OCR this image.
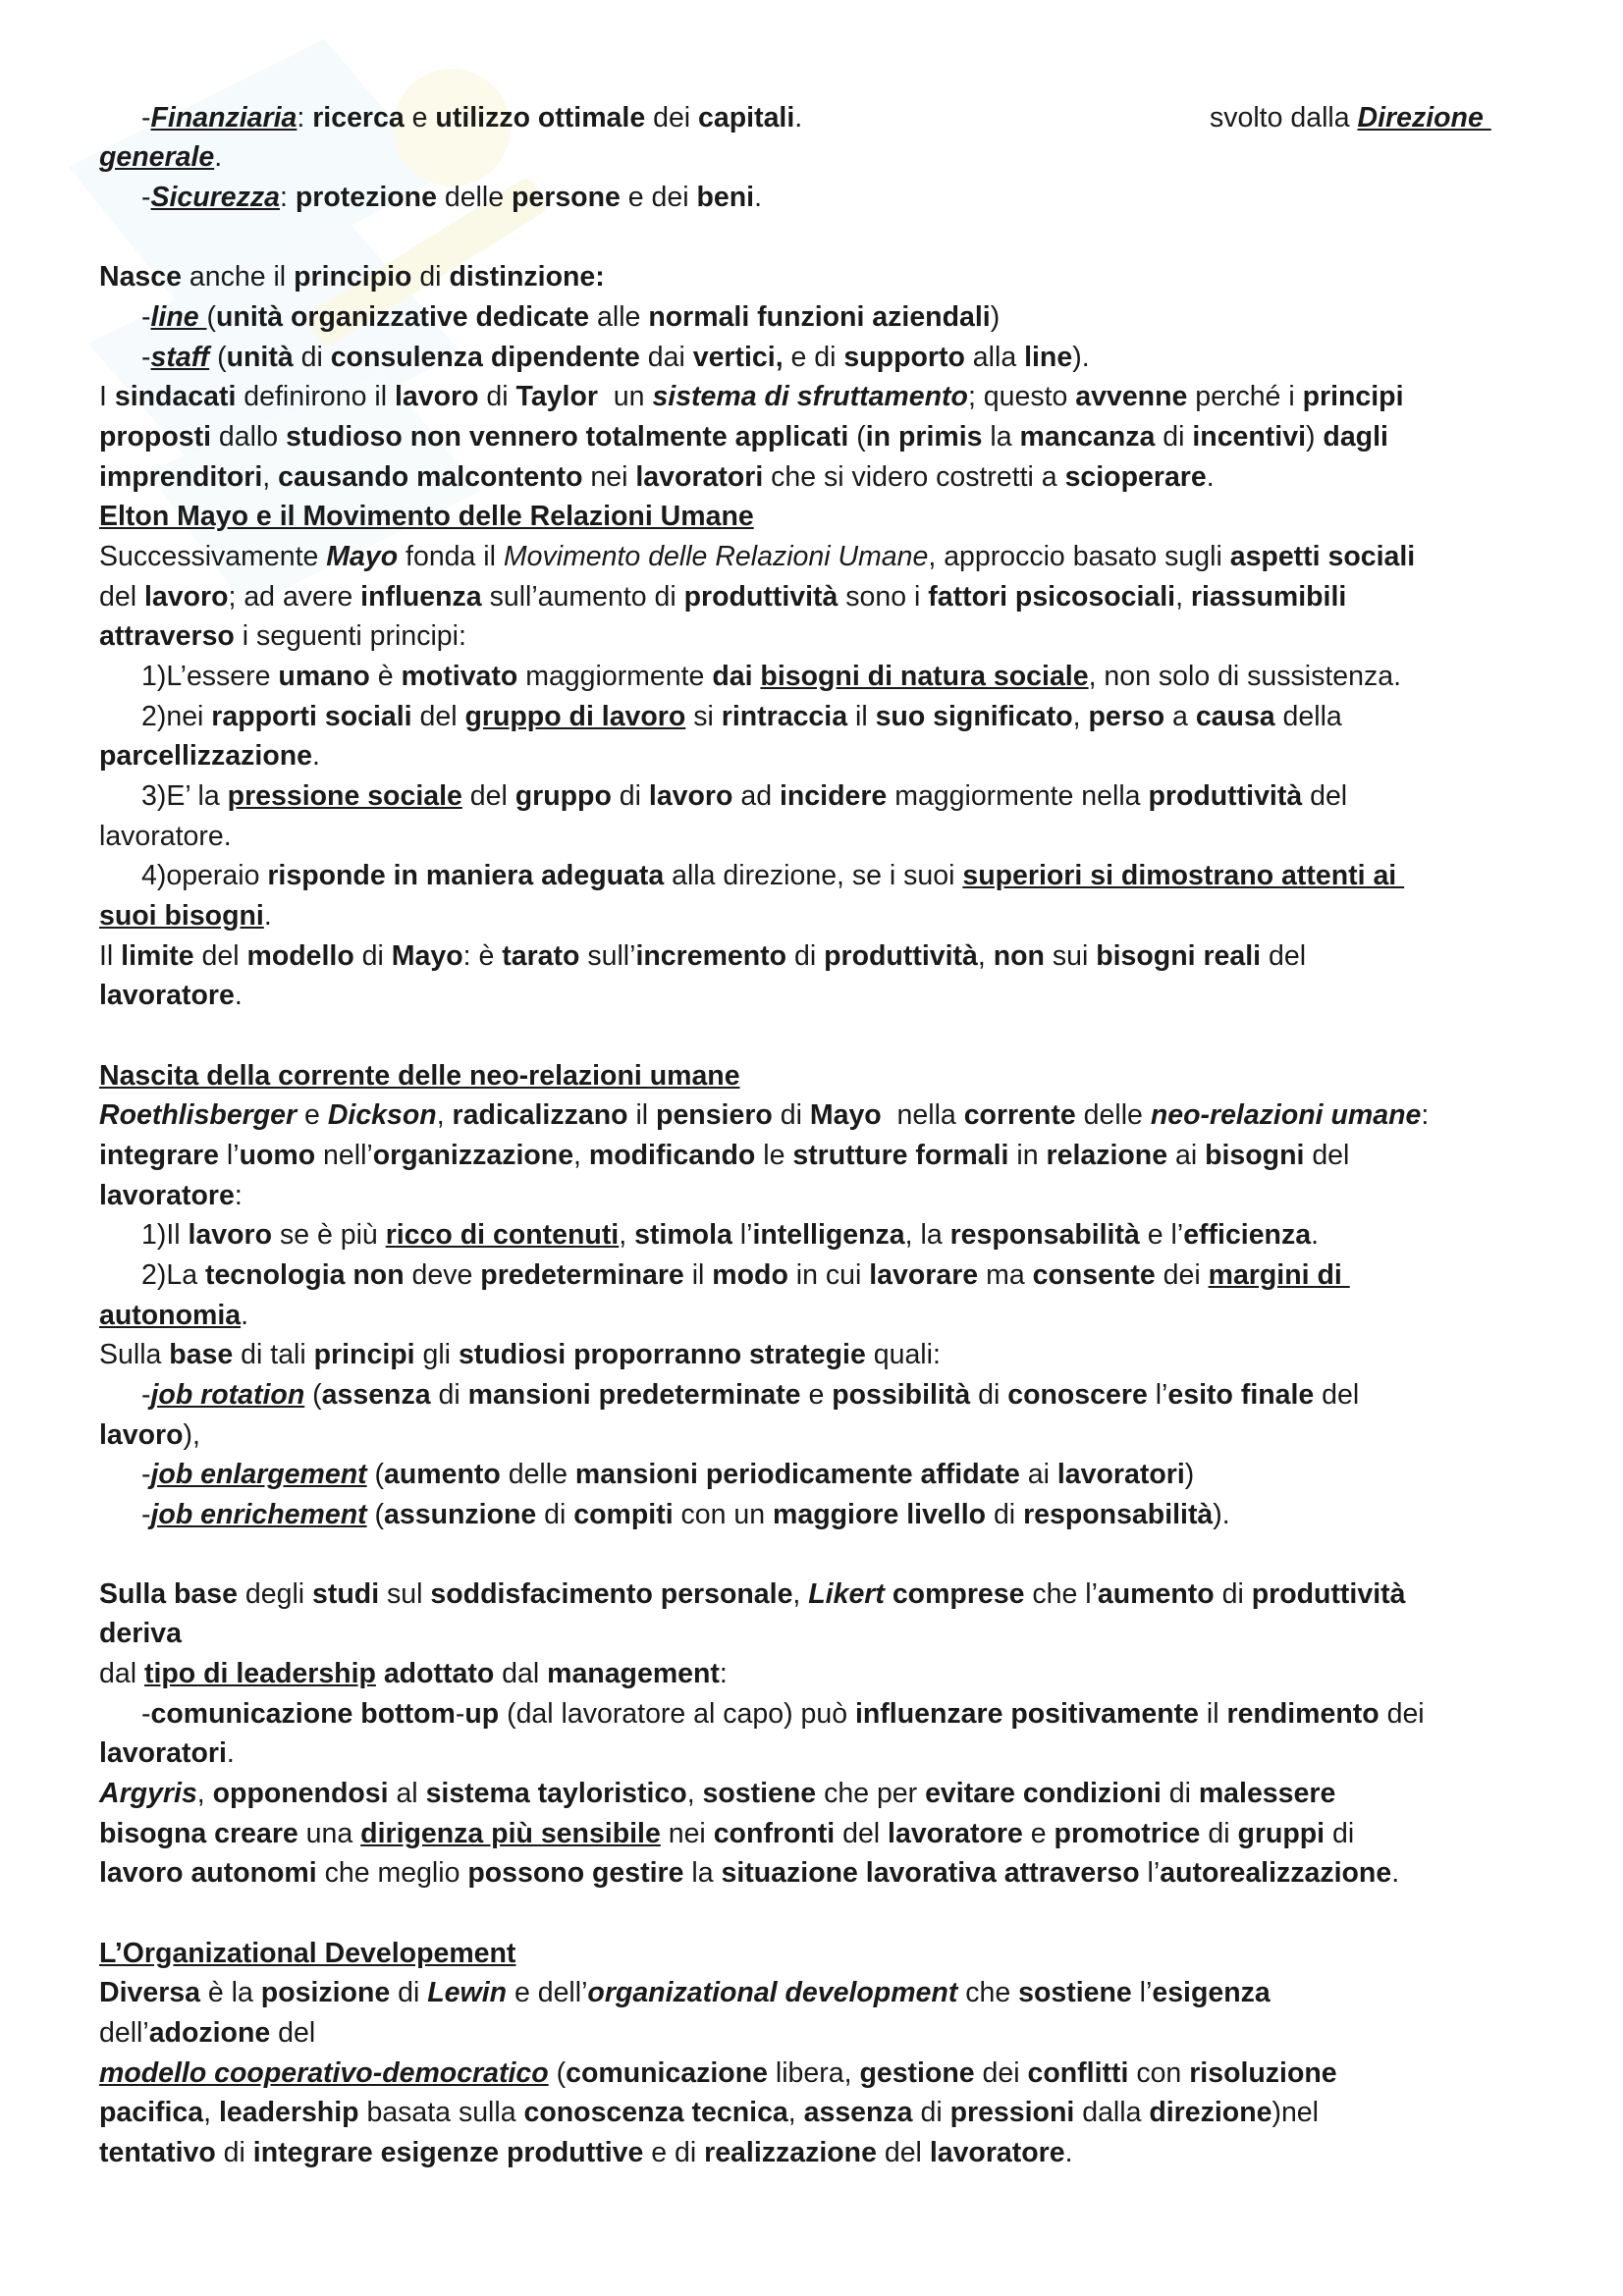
-Finanziaria: ricerca e utilizzo ottimale dei capitali.	svolto dalla Direzione
generale.
-Sicurezza: protezione delle persone e dei beni.
Nasce anche il principio di distinzione:
-line (unità organizzative dedicate alle normali funzioni aziendali)
-staff (unità di consulenza dipendente dai vertici, e di supporto alla line).
I sindacati definirono il lavoro di Taylor  un sistema di sfruttamento; questo avvenne perché i principi
proposti dallo studioso non vennero totalmente applicati (in primis la mancanza di incentivi) dagli
imprenditori, causando malcontento nei lavoratori che si videro costretti a scioperare.
Elton Mayo e il Movimento delle Relazioni Umane
Successivamente Mayo fonda il Movimento delle Relazioni Umane, approccio basato sugli aspetti sociali
del lavoro; ad avere influenza sull’aumento di produttività sono i fattori psicosociali, riassumibili
attraverso i seguenti principi:
1)L’essere umano è motivato maggiormente dai bisogni di natura sociale, non solo di sussistenza.
2)nei rapporti sociali del gruppo di lavoro si rintraccia il suo significato, perso a causa della
parcellizzazione.
3)E’ la pressione sociale del gruppo di lavoro ad incidere maggiormente nella produttività del
lavoratore.
4)operaio risponde in maniera adeguata alla direzione, se i suoi superiori si dimostrano attenti ai
suoi bisogni.
Il limite del modello di Mayo: è tarato sull’incremento di produttività, non sui bisogni reali del
lavoratore.
Nascita della corrente delle neo-relazioni umane
Roethlisberger e Dickson, radicalizzano il pensiero di Mayo  nella corrente delle neo-relazioni umane:
integrare l’uomo nell’organizzazione, modificando le strutture formali in relazione ai bisogni del
lavoratore:
1)Il lavoro se è più ricco di contenuti, stimola l’intelligenza, la responsabilità e l’efficienza.
2)La tecnologia non deve predeterminare il modo in cui lavorare ma consente dei margini di
autonomia.
Sulla base di tali principi gli studiosi proporranno strategie quali:
-job rotation (assenza di mansioni predeterminate e possibilità di conoscere l’esito finale del
lavoro),
-job enlargement (aumento delle mansioni periodicamente affidate ai lavoratori)
-job enrichement (assunzione di compiti con un maggiore livello di responsabilità).
Sulla base degli studi sul soddisfacimento personale, Likert comprese che l’aumento di produttività
deriva
dal tipo di leadership adottato dal management:
-comunicazione bottom-up (dal lavoratore al capo) può influenzare positivamente il rendimento dei
lavoratori.
Argyris, opponendosi al sistema tayloristico, sostiene che per evitare condizioni di malessere
bisogna creare una dirigenza più sensibile nei confronti del lavoratore e promotrice di gruppi di
lavoro autonomi che meglio possono gestire la situazione lavorativa attraverso l’autorealizzazione.
L’Organizational Developement
Diversa è la posizione di Lewin e dell’organizational development che sostiene l’esigenza
dell’adozione del
modello cooperativo-democratico (comunicazione libera, gestione dei conflitti con risoluzione
pacifica, leadership basata sulla conoscenza tecnica, assenza di pressioni dalla direzione)nel
tentativo di integrare esigenze produttive e di realizzazione del lavoratore.
